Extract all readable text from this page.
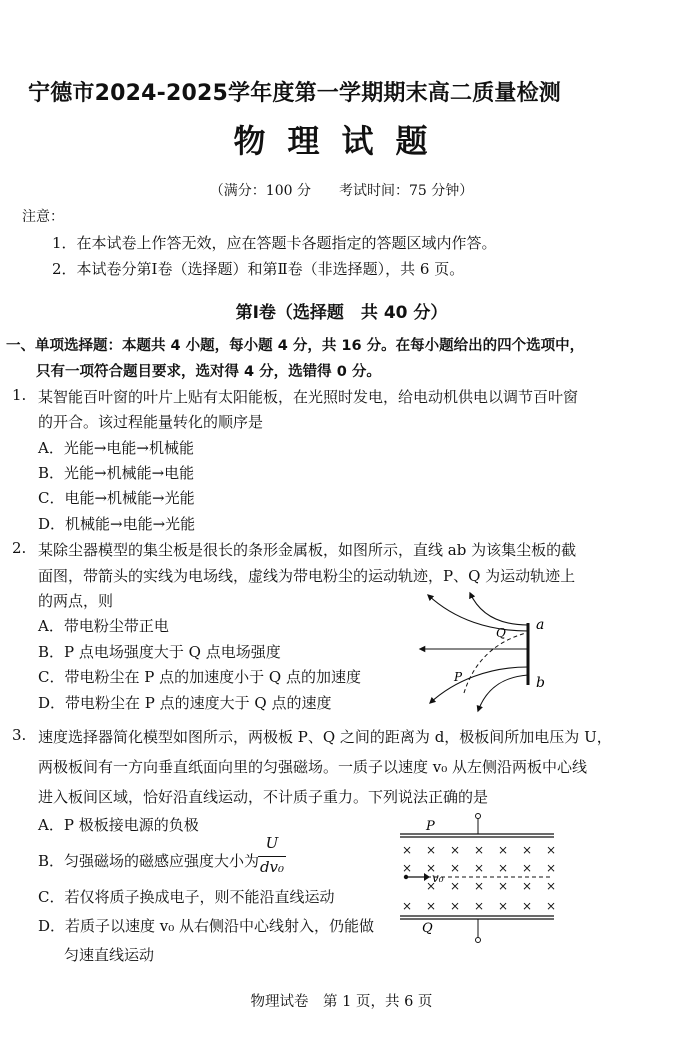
宁德市2024-2025学年度第一学期期末高二质量检测
物理试题
（满分：100 分　　考试时间：75 分钟）
注意：
1．在本试卷上作答无效，应在答题卡各题指定的答题区域内作答。
2．本试卷分第Ⅰ卷（选择题）和第Ⅱ卷（非选择题），共 6 页。
第Ⅰ卷（选择题　共 40 分）
一、单项选择题：本题共 4 小题，每小题 4 分，共 16 分。在每小题给出的四个选项中，
只有一项符合题目要求，选对得 4 分，选错得 0 分。
1. 某智能百叶窗的叶片上贴有太阳能板，在光照时发电，给电动机供电以调节百叶窗
的开合。该过程能量转化的顺序是
A．光能→电能→机械能
B．光能→机械能→电能
C．电能→机械能→光能
D．机械能→电能→光能
2. 某除尘器模型的集尘板是很长的条形金属板，如图所示，直线 ab 为该集尘板的截
面图，带箭头的实线为电场线，虚线为带电粉尘的运动轨迹，P、Q 为运动轨迹上
的两点，则
A．带电粉尘带正电
B．P 点电场强度大于 Q 点电场强度
C．带电粉尘在 P 点的加速度小于 Q 点的加速度
D．带电粉尘在 P 点的速度大于 Q 点的速度
a
b
Q
P
3. 速度选择器简化模型如图所示，两极板 P、Q 之间的距离为 d，极板间所加电压为 U，
两极板间有一方向垂直纸面向里的匀强磁场。一质子以速度 v₀ 从左侧沿两板中心线
进入板间区域，恰好沿直线运动，不计质子重力。下列说法正确的是
A．P 极板接电源的负极
B．匀强磁场的磁感应强度大小为
U
dv₀
C．若仅将质子换成电子，则不能沿直线运动
D．若质子以速度 v₀ 从右侧沿中心线射入，仍能做
匀速直线运动
× × × × × × ×
× × × × × × ×
× × × × × ×
× × × × × × ×
v₀
P
Q
物理试卷　第 1 页，共 6 页
